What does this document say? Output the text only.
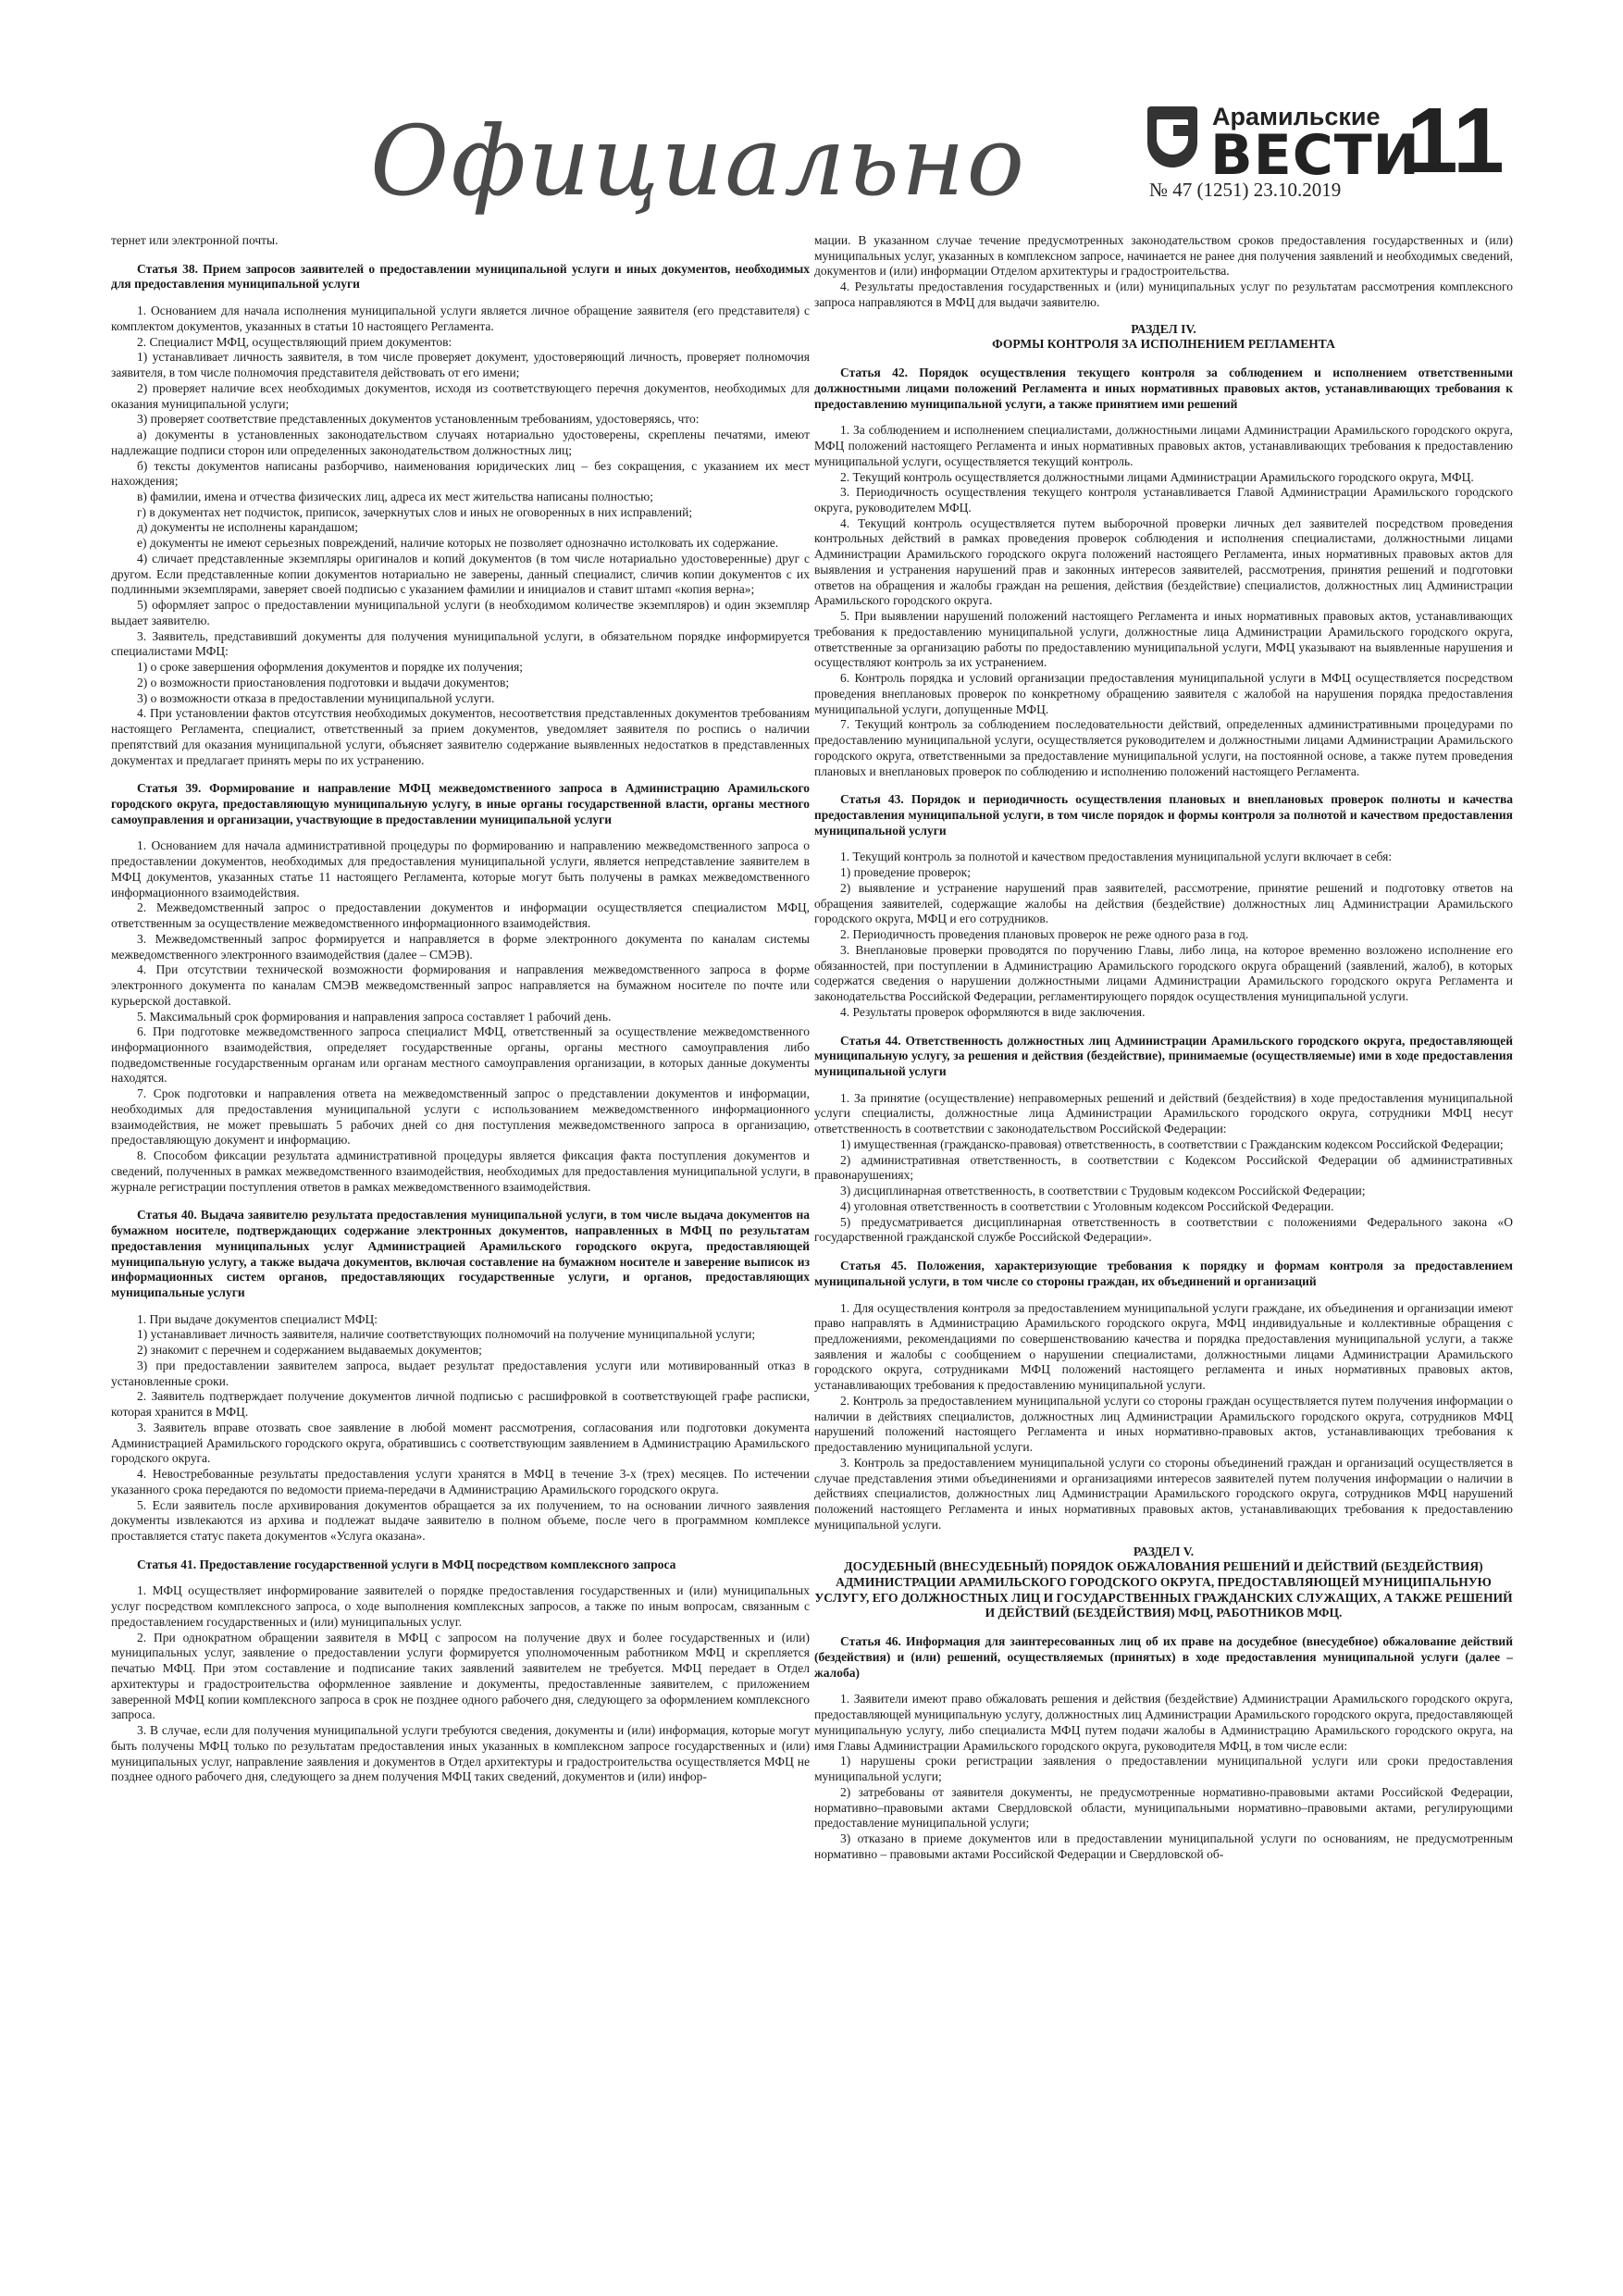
Официально	Арамильские
ВЕСТИ
№ 47 (1251) 23.10.2019 11

тернет или электронной почты.

Статья 38. Прием запросов заявителей о предоставлении муниципальной услуги и иных документов, необходимых для предоставления муниципальной услуги

1. Основанием для начала исполнения муниципальной услуги является личное обращение заявителя (его представителя) с комплектом документов, указанных в статьи 10 настоящего Регламента.

2. Специалист МФЦ, осуществляющий прием документов:

1) устанавливает личность заявителя, в том числе проверяет документ, удостоверяющий личность, проверяет полномочия заявителя, в том числе полномочия представителя действовать от его имени;

2) проверяет наличие всех необходимых документов, исходя из соответствующего перечня документов, необходимых для оказания муниципальной услуги;

3) проверяет соответствие представленных документов установленным требованиям, удостоверяясь, что:

а) документы в установленных законодательством случаях нотариально удостоверены, скреплены печатями, имеют надлежащие подписи сторон или определенных законодательством должностных лиц;

б) тексты документов написаны разборчиво, наименования юридических лиц – без сокращения, с указанием их мест нахождения;

в) фамилии, имена и отчества физических лиц, адреса их мест жительства написаны полностью;

г) в документах нет подчисток, приписок, зачеркнутых слов и иных не оговоренных в них исправлений;

д) документы не исполнены карандашом;

е) документы не имеют серьезных повреждений, наличие которых не позволяет однозначно истолковать их содержание.

4) сличает представленные экземпляры оригиналов и копий документов (в том числе нотариально удостоверенные) друг с другом. Если представленные копии документов нотариально не заверены, данный специалист, сличив копии документов с их подлинными экземплярами, заверяет своей подписью с указанием фамилии и инициалов и ставит штамп «копия верна»;

5) оформляет запрос о предоставлении муниципальной услуги (в необходимом количестве экземпляров) и один экземпляр выдает заявителю.

3. Заявитель, представивший документы для получения муниципальной услуги, в обязательном порядке информируется специалистами МФЦ:

1) о сроке завершения оформления документов и порядке их получения;

2) о возможности приостановления подготовки и выдачи документов;

3) о возможности отказа в предоставлении муниципальной услуги.

4. При установлении фактов отсутствия необходимых документов, несоответствия представленных документов требованиям настоящего Регламента, специалист, ответственный за прием документов, уведомляет заявителя по роспись о наличии препятствий для оказания муниципальной услуги, объясняет заявителю содержание выявленных недостатков в представленных документах и предлагает принять меры по их устранению.

Статья 39. Формирование и направление МФЦ межведомственного запроса в Администрацию Арамильского городского округа, предоставляющую муниципальную услугу, в иные органы государственной власти, органы местного самоуправления и организации, участвующие в предоставлении муниципальной услуги

1. Основанием для начала административной процедуры по формированию и направлению межведомственного запроса о предоставлении документов, необходимых для предоставления муниципальной услуги, является непредставление заявителем в МФЦ документов, указанных статье 11 настоящего Регламента, которые могут быть получены в рамках межведомственного информационного взаимодействия.

2. Межведомственный запрос о предоставлении документов и информации осуществляется специалистом МФЦ, ответственным за осуществление межведомственного информационного взаимодействия.

3. Межведомственный запрос формируется и направляется в форме электронного документа по каналам системы межведомственного электронного взаимодействия (далее – СМЭВ).

4. При отсутствии технической возможности формирования и направления межведомственного запроса в форме электронного документа по каналам СМЭВ межведомственный запрос направляется на бумажном носителе по почте или курьерской доставкой.

5. Максимальный срок формирования и направления запроса составляет 1 рабочий день.

6. При подготовке межведомственного запроса специалист МФЦ, ответственный за осуществление межведомственного информационного взаимодействия, определяет государственные органы, органы местного самоуправления либо подведомственные государственным органам или органам местного самоуправления организации, в которых данные документы находятся.

7. Срок подготовки и направления ответа на межведомственный запрос о представлении документов и информации, необходимых для предоставления муниципальной услуги с использованием межведомственного информационного взаимодействия, не может превышать 5 рабочих дней со дня поступления межведомственного запроса в организацию, предоставляющую документ и информацию.

8. Способом фиксации результата административной процедуры является фиксация факта поступления документов и сведений, полученных в рамках межведомственного взаимодействия, необходимых для предоставления муниципальной услуги, в журнале регистрации поступления ответов в рамках межведомственного взаимодействия.

Статья 40. Выдача заявителю результата предоставления муниципальной услуги, в том числе выдача документов на бумажном носителе, подтверждающих содержание электронных документов, направленных в МФЦ по результатам предоставления муниципальных услуг Администрацией Арамильского городского округа, предоставляющей муниципальную услугу, а также выдача документов, включая составление на бумажном носителе и заверение выписок из информационных систем органов, предоставляющих государственные услуги, и органов, предоставляющих муниципальные услуги

1. При выдаче документов специалист МФЦ:

1) устанавливает личность заявителя, наличие соответствующих полномочий на получение муниципальной услуги;

2) знакомит с перечнем и содержанием выдаваемых документов;

3) при предоставлении заявителем запроса, выдает результат предоставления услуги или мотивированный отказ в установленные сроки.

2. Заявитель подтверждает получение документов личной подписью с расшифровкой в соответствующей графе расписки, которая хранится в МФЦ.

3. Заявитель вправе отозвать свое заявление в любой момент рассмотрения, согласования или подготовки документа Администрацией Арамильского городского округа, обратившись с соответствующим заявлением в Администрацию Арамильского городского округа.

4. Невостребованные результаты предоставления услуги хранятся в МФЦ в течение 3-х (трех) месяцев. По истечении указанного срока передаются по ведомости приема-передачи в Администрацию Арамильского городского округа.

5. Если заявитель после архивирования документов обращается за их получением, то на основании личного заявления документы извлекаются из архива и подлежат выдаче заявителю в полном объеме, после чего в программном комплексе проставляется статус пакета документов «Услуга оказана».

Статья 41. Предоставление государственной услуги в МФЦ посредством комплексного запроса

1. МФЦ осуществляет информирование заявителей о порядке предоставления государственных и (или) муниципальных услуг посредством комплексного запроса, о ходе выполнения комплексных запросов, а также по иным вопросам, связанным с предоставлением государственных и (или) муниципальных услуг.

2. При однократном обращении заявителя в МФЦ с запросом на получение двух и более государственных и (или) муниципальных услуг, заявление о предоставлении услуги формируется уполномоченным работником МФЦ и скрепляется печатью МФЦ. При этом составление и подписание таких заявлений заявителем не требуется. МФЦ передает в Отдел архитектуры и градостроительства оформленное заявление и документы, предоставленные заявителем, с приложением заверенной МФЦ копии комплексного запроса в срок не позднее одного рабочего дня, следующего за оформлением комплексного запроса.

3. В случае, если для получения муниципальной услуги требуются сведения, документы и (или) информация, которые могут быть получены МФЦ только по результатам предоставления иных указанных в комплексном запросе государственных и (или) муниципальных услуг, направление заявления и документов в Отдел архитектуры и градостроительства осуществляется МФЦ не позднее одного рабочего дня, следующего за днем получения МФЦ таких сведений, документов и (или) инфор-

мации. В указанном случае течение предусмотренных законодательством сроков предоставления государственных и (или) муниципальных услуг, указанных в комплексном запросе, начинается не ранее дня получения заявлений и необходимых сведений, документов и (или) информации Отделом архитектуры и градостроительства.

4. Результаты предоставления государственных и (или) муниципальных услуг по результатам рассмотрения комплексного запроса направляются в МФЦ для выдачи заявителю.

РАЗДЕЛ IV.
ФОРМЫ КОНТРОЛЯ ЗА ИСПОЛНЕНИЕМ РЕГЛАМЕНТА
Статья 42. Порядок осуществления текущего контроля за соблюдением и исполнением ответственными должностными лицами положений Регламента и иных нормативных правовых актов, устанавливающих требования к предоставлению муниципальной услуги, а также принятием ими решений

1. За соблюдением и исполнением специалистами, должностными лицами Администрации Арамильского городского округа, МФЦ положений настоящего Регламента и иных нормативных правовых актов, устанавливающих требования к предоставлению муниципальной услуги, осуществляется текущий контроль.

2. Текущий контроль осуществляется должностными лицами Администрации Арамильского городского округа, МФЦ.

3. Периодичность осуществления текущего контроля устанавливается Главой Администрации Арамильского городского округа, руководителем МФЦ.

4. Текущий контроль осуществляется путем выборочной проверки личных дел заявителей посредством проведения контрольных действий в рамках проведения проверок соблюдения и исполнения специалистами, должностными лицами Администрации Арамильского городского округа положений настоящего Регламента, иных нормативных правовых актов для выявления и устранения нарушений прав и законных интересов заявителей, рассмотрения, принятия решений и подготовки ответов на обращения и жалобы граждан на решения, действия (бездействие) специалистов, должностных лиц Администрации Арамильского городского округа.

5. При выявлении нарушений положений настоящего Регламента и иных нормативных правовых актов, устанавливающих требования к предоставлению муниципальной услуги, должностные лица Администрации Арамильского городского округа, ответственные за организацию работы по предоставлению муниципальной услуги, МФЦ указывают на выявленные нарушения и осуществляют контроль за их устранением.

6. Контроль порядка и условий организации предоставления муниципальной услуги в МФЦ осуществляется посредством проведения внеплановых проверок по конкретному обращению заявителя с жалобой на нарушения порядка предоставления муниципальной услуги, допущенные МФЦ.

7. Текущий контроль за соблюдением последовательности действий, определенных административными процедурами по предоставлению муниципальной услуги, осуществляется руководителем и должностными лицами Администрации Арамильского городского округа, ответственными за предоставление муниципальной услуги, на постоянной основе, а также путем проведения плановых и внеплановых проверок по соблюдению и исполнению положений настоящего Регламента.

Статья 43. Порядок и периодичность осуществления плановых и внеплановых проверок полноты и качества предоставления муниципальной услуги, в том числе порядок и формы контроля за полнотой и качеством предоставления муниципальной услуги

1. Текущий контроль за полнотой и качеством предоставления муниципальной услуги включает в себя:

1) проведение проверок;

2) выявление и устранение нарушений прав заявителей, рассмотрение, принятие решений и подготовку ответов на обращения заявителей, содержащие жалобы на действия (бездействие) должностных лиц Администрации Арамильского городского округа, МФЦ и его сотрудников.

2. Периодичность проведения плановых проверок не реже одного раза в год.

3. Внеплановые проверки проводятся по поручению Главы, либо лица, на которое временно возложено исполнение его обязанностей, при поступлении в Администрацию Арамильского городского округа обращений (заявлений, жалоб), в которых содержатся сведения о нарушении должностными лицами Администрации Арамильского городского округа Регламента и законодательства Российской Федерации, регламентирующего порядок осуществления муниципальной услуги.

4. Результаты проверок оформляются в виде заключения.

Статья 44. Ответственность должностных лиц Администрации Арамильского городского округа, предоставляющей муниципальную услугу, за решения и действия (бездействие), принимаемые (осуществляемые) ими в ходе предоставления муниципальной услуги

1. За принятие (осуществление) неправомерных решений и действий (бездействия) в ходе предоставления муниципальной услуги специалисты, должностные лица Администрации Арамильского городского округа, сотрудники МФЦ несут ответственность в соответствии с законодательством Российской Федерации:

1) имущественная (гражданско-правовая) ответственность, в соответствии с Гражданским кодексом Российской Федерации;

2) административная ответственность, в соответствии с Кодексом Российской Федерации об административных правонарушениях;

3) дисциплинарная ответственность, в соответствии с Трудовым кодексом Российской Федерации;

4) уголовная ответственность в соответствии с Уголовным кодексом Российской Федерации.

5) предусматривается дисциплинарная ответственность в соответствии с положениями Федерального закона «О государственной гражданской службе Российской Федерации».

Статья 45. Положения, характеризующие требования к порядку и формам контроля за предоставлением муниципальной услуги, в том числе со стороны граждан, их объединений и организаций

1. Для осуществления контроля за предоставлением муниципальной услуги граждане, их объединения и организации имеют право направлять в Администрацию Арамильского городского округа, МФЦ индивидуальные и коллективные обращения с предложениями, рекомендациями по совершенствованию качества и порядка предоставления муниципальной услуги, а также заявления и жалобы с сообщением о нарушении специалистами, должностными лицами Администрации Арамильского городского округа, сотрудниками МФЦ положений настоящего регламента и иных нормативных правовых актов, устанавливающих требования к предоставлению муниципальной услуги.

2. Контроль за предоставлением муниципальной услуги со стороны граждан осуществляется путем получения информации о наличии в действиях специалистов, должностных лиц Администрации Арамильского городского округа, сотрудников МФЦ нарушений положений настоящего Регламента и иных нормативно-правовых актов, устанавливающих требования к предоставлению муниципальной услуги.

3. Контроль за предоставлением муниципальной услуги со стороны объединений граждан и организаций осуществляется в случае представления этими объединениями и организациями интересов заявителей путем получения информации о наличии в действиях специалистов, должностных лиц Администрации Арамильского городского округа, сотрудников МФЦ нарушений положений настоящего Регламента и иных нормативных правовых актов, устанавливающих требования к предоставлению муниципальной услуги.

РАЗДЕЛ V.
ДОСУДЕБНЫЙ (ВНЕСУДЕБНЫЙ) ПОРЯДОК ОБЖАЛОВАНИЯ РЕШЕНИЙ И ДЕЙСТВИЙ (БЕЗДЕЙСТВИЯ) АДМИНИСТРАЦИИ АРАМИЛЬСКОГО ГОРОДСКОГО ОКРУГА, ПРЕДОСТАВЛЯЮЩЕЙ МУНИЦИПАЛЬНУЮ УСЛУГУ, ЕГО ДОЛЖНОСТНЫХ ЛИЦ И ГОСУДАРСТВЕННЫХ ГРАЖДАНСКИХ СЛУЖАЩИХ, А ТАКЖЕ РЕШЕНИЙ И ДЕЙСТВИЙ (БЕЗДЕЙСТВИЯ) МФЦ, РАБОТНИКОВ МФЦ.
Статья 46. Информация для заинтересованных лиц об их праве на досудебное (внесудебное) обжалование действий (бездействия) и (или) решений, осуществляемых (принятых) в ходе предоставления муниципальной услуги (далее – жалоба)

1. Заявители имеют право обжаловать решения и действия (бездействие) Администрации Арамильского городского округа, предоставляющей муниципальную услугу, должностных лиц Администрации Арамильского городского округа, предоставляющей муниципальную услугу, либо специалиста МФЦ путем подачи жалобы в Администрацию Арамильского городского округа, на имя Главы Администрации Арамильского городского округа, руководителя МФЦ, в том числе если:

1) нарушены сроки регистрации заявления о предоставлении муниципальной услуги или сроки предоставления муниципальной услуги;

2) затребованы от заявителя документы, не предусмотренные нормативно-правовыми актами Российской Федерации, нормативно–правовыми актами Свердловской области, муниципальными нормативно–правовыми актами, регулирующими предоставление муниципальной услуги;

3) отказано в приеме документов или в предоставлении муниципальной услуги по основаниям, не предусмотренным нормативно – правовыми актами Российской Федерации и Свердловской об-
